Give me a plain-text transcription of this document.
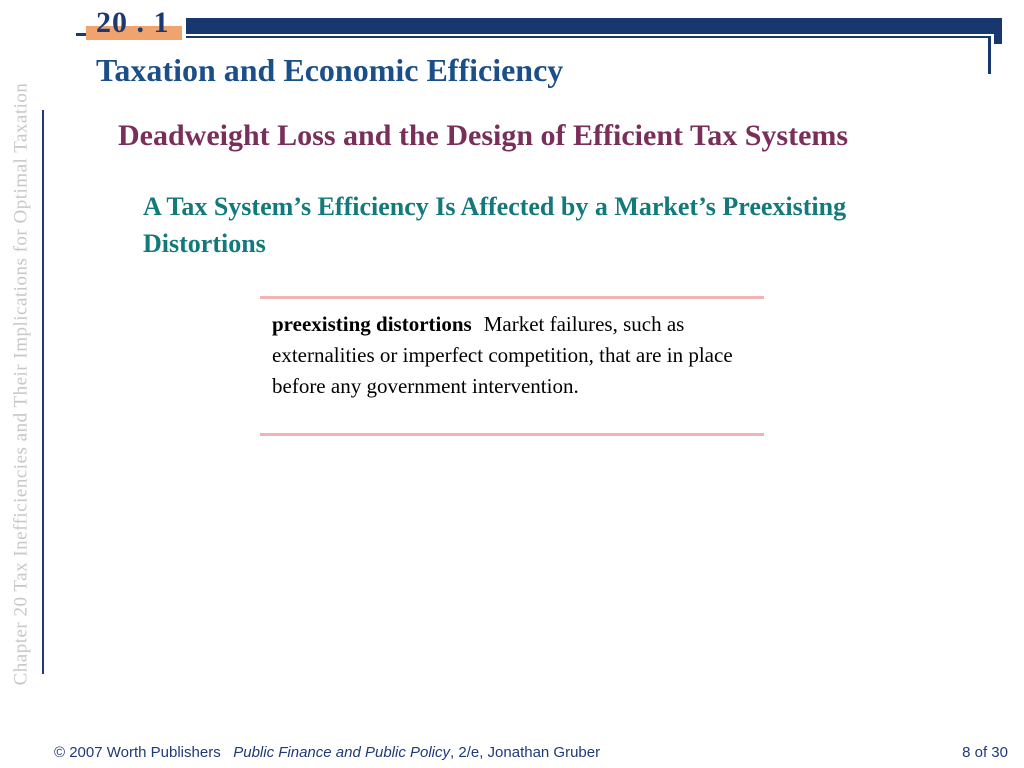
Chapter 20 Tax Inefficiencies and Their Implications for Optimal Taxation
20 . 1
Taxation and Economic Efficiency
Deadweight Loss and the Design of Efficient Tax Systems
A Tax System’s Efficiency Is Affected by a Market’s Preexisting Distortions
preexisting distortions Market failures, such as externalities or imperfect competition, that are in place before any government intervention.
© 2007 Worth Publishers Public Finance and Public Policy, 2/e, Jonathan Gruber	8 of 30
